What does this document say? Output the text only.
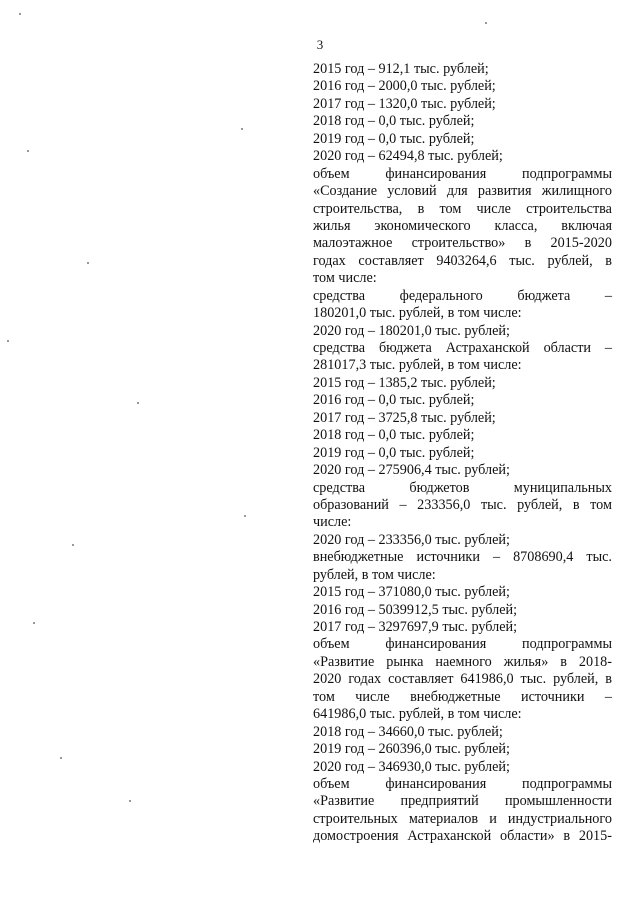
3
2015 год – 912,1 тыс. рублей;
2016 год – 2000,0 тыс. рублей;
2017 год – 1320,0 тыс. рублей;
2018 год – 0,0 тыс. рублей;
2019 год – 0,0 тыс. рублей;
2020 год – 62494,8 тыс. рублей;
объем	финансирования	подпрограммы
«Создание условий для развития жилищного
строительства, в том числе строительства
жилья экономического класса, включая
малоэтажное строительство» в 2015-2020
годах составляет 9403264,6 тыс. рублей, в
том числе:
средства федерального бюджета –
180201,0 тыс. рублей, в том числе:
2020 год – 180201,0 тыс. рублей;
средства бюджета Астраханской области –
281017,3 тыс. рублей, в том числе:
2015 год – 1385,2 тыс. рублей;
2016 год – 0,0 тыс. рублей;
2017 год – 3725,8 тыс. рублей;
2018 год – 0,0 тыс. рублей;
2019 год – 0,0 тыс. рублей;
2020 год – 275906,4 тыс. рублей;
средства	бюджетов	муниципальных
образований – 233356,0 тыс. рублей, в том
числе:
2020 год – 233356,0 тыс. рублей;
внебюджетные источники – 8708690,4 тыс.
рублей, в том числе:
2015 год – 371080,0 тыс. рублей;
2016 год – 5039912,5 тыс. рублей;
2017 год – 3297697,9 тыс. рублей;
объем	финансирования	подпрограммы
«Развитие рынка наемного жилья» в 2018-
2020 годах составляет 641986,0 тыс. рублей, в
том числе внебюджетные источники –
641986,0 тыс. рублей, в том числе:
2018 год – 34660,0 тыс. рублей;
2019 год – 260396,0 тыс. рублей;
2020 год – 346930,0 тыс. рублей;
объем	финансирования	подпрограммы
«Развитие предприятий промышленности
строительных материалов и индустриального
домостроения Астраханской области» в 2015-
